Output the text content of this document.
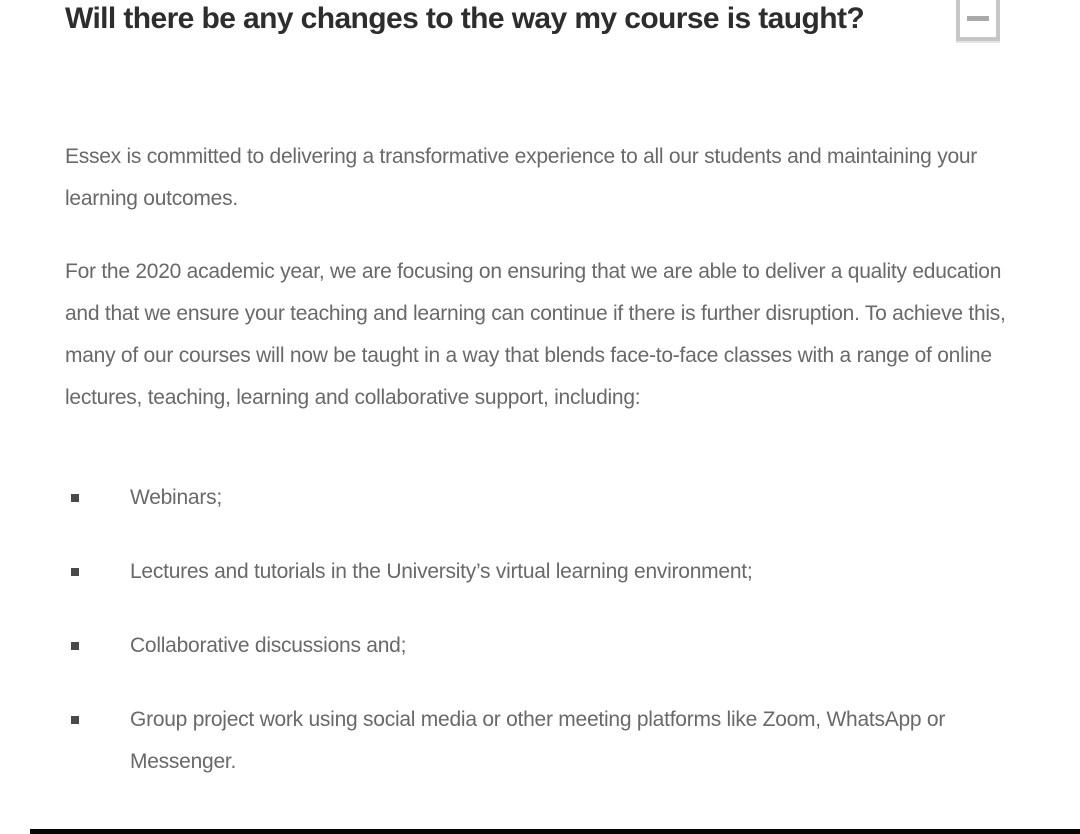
Will there be any changes to the way my course is taught?

Essex is committed to delivering a transformative experience to all our students and maintaining your learning outcomes.

For the 2020 academic year, we are focusing on ensuring that we are able to deliver a quality education and that we ensure your teaching and learning can continue if there is further disruption. To achieve this, many of our courses will now be taught in a way that blends face-to-face classes with a range of online lectures, teaching, learning and collaborative support, including:

Webinars;
Lectures and tutorials in the University’s virtual learning environment;
Collaborative discussions and;
Group project work using social media or other meeting platforms like Zoom, WhatsApp or Messenger.
